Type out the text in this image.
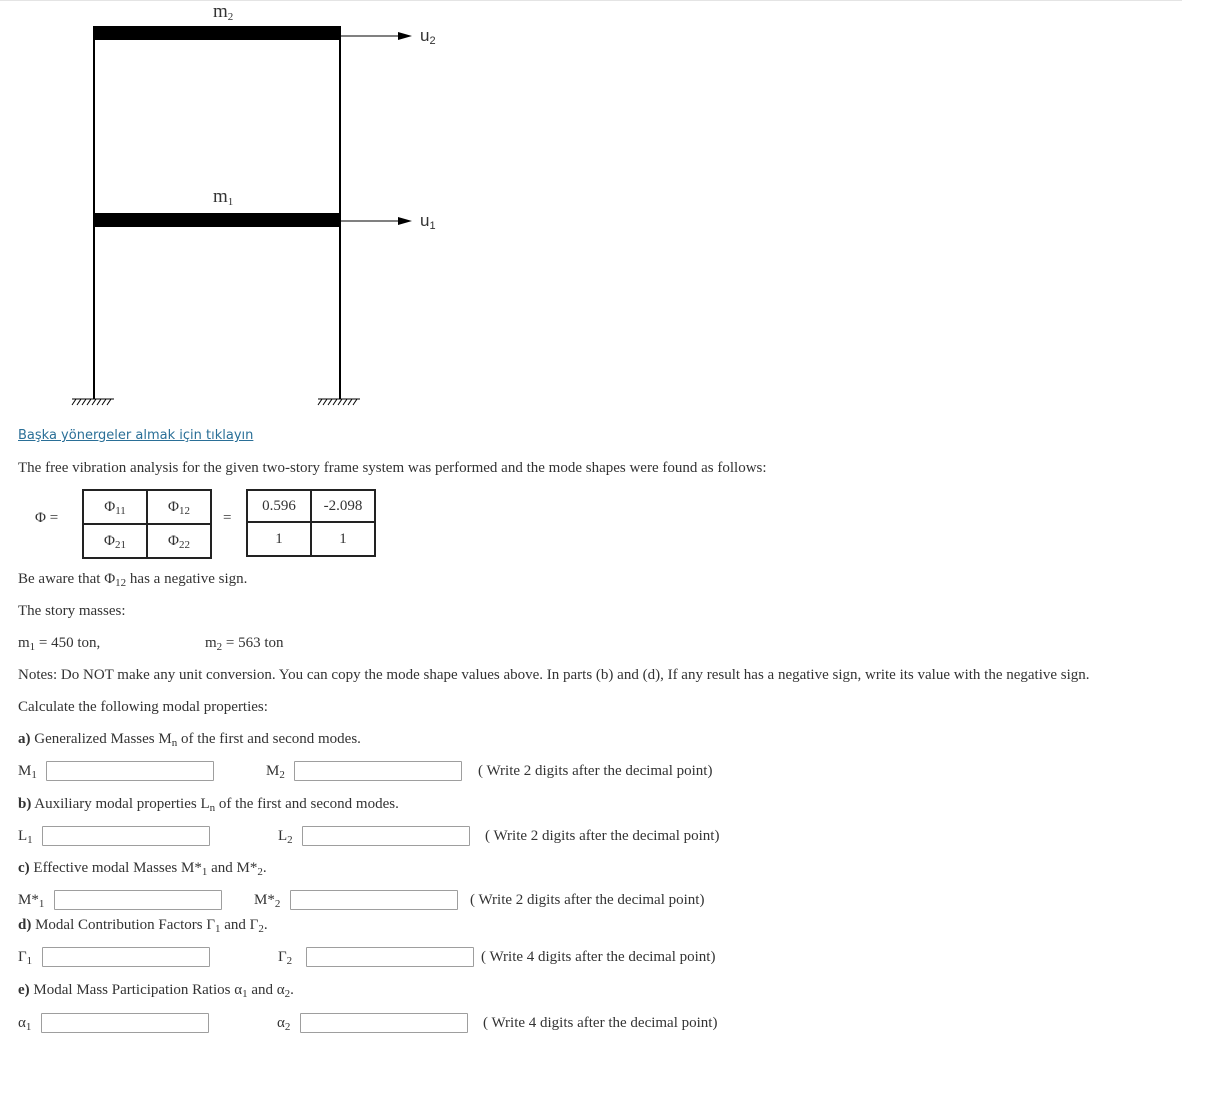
$m_2$
$m_1$
$u_2$
$u_1$
Başka yönergeler almak için tıklayın
The free vibration analysis for the given two-story frame system was performed and the mode shapes were found as follows:
Φ =
$\Phi_{11}$	$\Phi_{12}$
$\Phi_{21}$	$\Phi_{22}$
=
0.596	-2.098
1	1
Be aware that $\Phi_{12}$ has a negative sign.
The story masses:
$m_1 = 450$ ton,	$m_2 = 563$ ton
Notes: Do NOT make any unit conversion. You can copy the mode shape values above. In parts (b) and (d), If any result has a negative sign, write its value with the negative sign.
Calculate the following modal properties:
a) Generalized Masses $M_n$ of the first and second modes.
$M_1$	$M_2$	( Write 2 digits after the decimal point)
b) Auxiliary modal properties $L_n$ of the first and second modes.
$L_1$	$L_2$	( Write 2 digits after the decimal point)
c) Effective modal Masses $M*_1$ and $M*_2$.
$M*_1$	$M*_2$	( Write 2 digits after the decimal point)
d) Modal Contribution Factors $\Gamma_1$ and $\Gamma_2$.
$\Gamma_1$	$\Gamma_2$	( Write 4 digits after the decimal point)
e) Modal Mass Participation Ratios $\alpha_1$ and $\alpha_2$.
$\alpha_1$	$\alpha_2$	( Write 4 digits after the decimal point)
